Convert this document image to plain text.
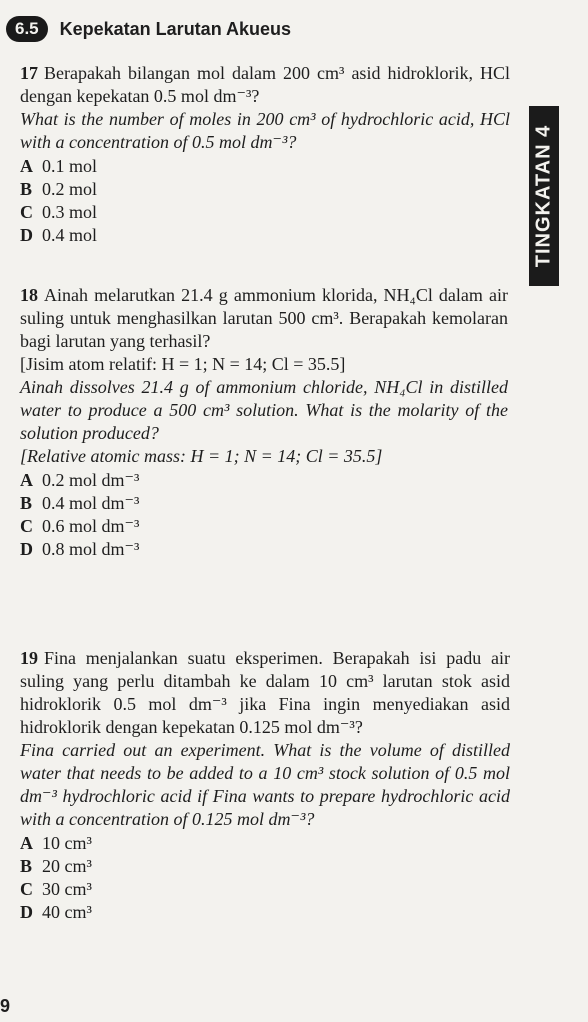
6.5	Kepekatan Larutan Akueus
TINGKATAN 4
17 Berapakah bilangan mol dalam 200 cm³ asid hidroklorik, HCl dengan kepekatan 0.5 mol dm⁻³?
What is the number of moles in 200 cm³ of hydrochloric acid, HCl with a concentration of 0.5 mol dm⁻³?
A 0.1 mol
B 0.2 mol
C 0.3 mol
D 0.4 mol
18 Ainah melarutkan 21.4 g ammonium klorida, NH₄Cl dalam air suling untuk menghasilkan larutan 500 cm³. Berapakah kemolaran bagi larutan yang terhasil?
[Jisim atom relatif: H = 1; N = 14; Cl = 35.5]
Ainah dissolves 21.4 g of ammonium chloride, NH₄Cl in distilled water to produce a 500 cm³ solution. What is the molarity of the solution produced?
[Relative atomic mass: H = 1; N = 14; Cl = 35.5]
A 0.2 mol dm⁻³
B 0.4 mol dm⁻³
C 0.6 mol dm⁻³
D 0.8 mol dm⁻³
19 Fina menjalankan suatu eksperimen. Berapakah isi padu air suling yang perlu ditambah ke dalam 10 cm³ larutan stok asid hidroklorik 0.5 mol dm⁻³ jika Fina ingin menyediakan asid hidroklorik dengan kepekatan 0.125 mol dm⁻³?
Fina carried out an experiment. What is the volume of distilled water that needs to be added to a 10 cm³ stock solution of 0.5 mol dm⁻³ hydrochloric acid if Fina wants to prepare hydrochloric acid with a concentration of 0.125 mol dm⁻³?
A 10 cm³
B 20 cm³
C 30 cm³
D 40 cm³
9
